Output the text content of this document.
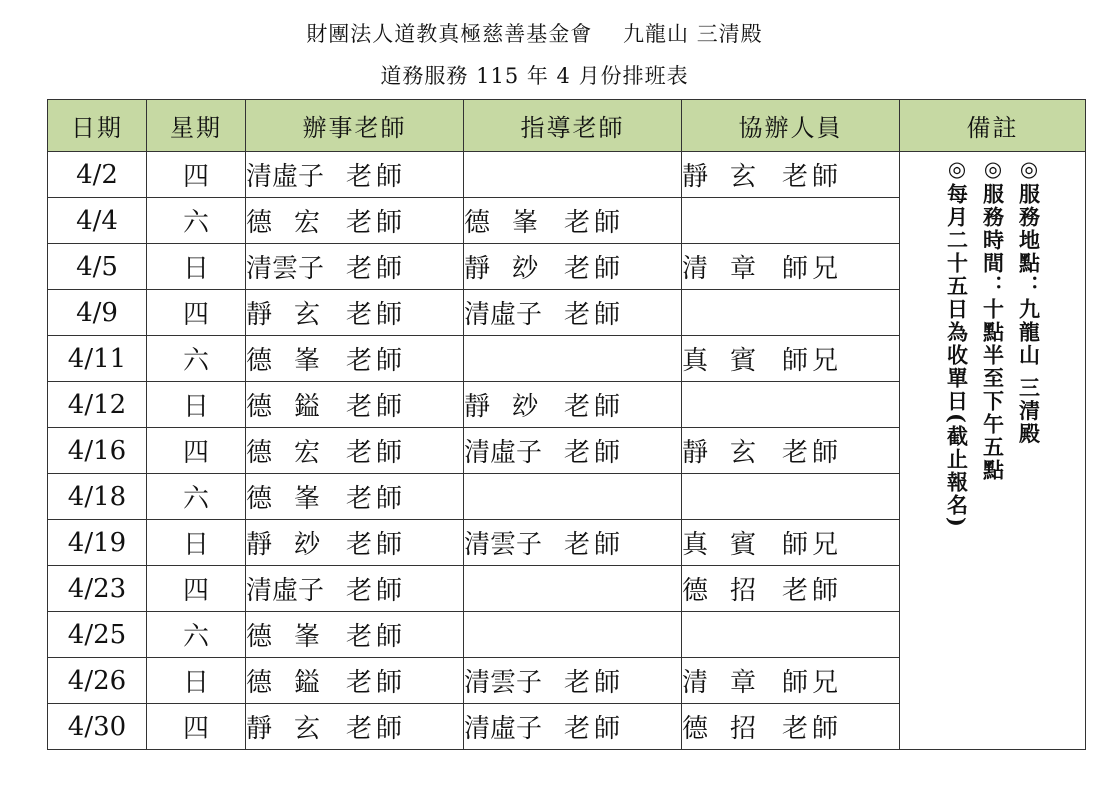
財團法人道教真極慈善基金會    九龍山 三清殿
道務服務 115 年 4 月份排班表
日期	星期	辦事老師	指導老師	協辦人員	備註
4/2	四	清虛子 老師		靜玄 老師	◎服務地點：九龍山 三清殿
◎服務時間：十點半至下午五點
◎每月二十五日為收單日(截止報名)

4/4	六	德宏 老師	德峯 老師		
4/5	日	清雲子 老師	靜玅 老師	清章 師兄	
4/9	四	靜玄 老師	清虛子 老師		
4/11	六	德峯 老師		真賓 師兄	
4/12	日	德鎰 老師	靜玅 老師		
4/16	四	德宏 老師	清虛子 老師	靜玄 老師	
4/18	六	德峯 老師			
4/19	日	靜玅 老師	清雲子 老師	真賓 師兄	
4/23	四	清虛子 老師		德招 老師	
4/25	六	德峯 老師			
4/26	日	德鎰 老師	清雲子 老師	清章 師兄	
4/30	四	靜玄 老師	清虛子 老師	德招 老師	
